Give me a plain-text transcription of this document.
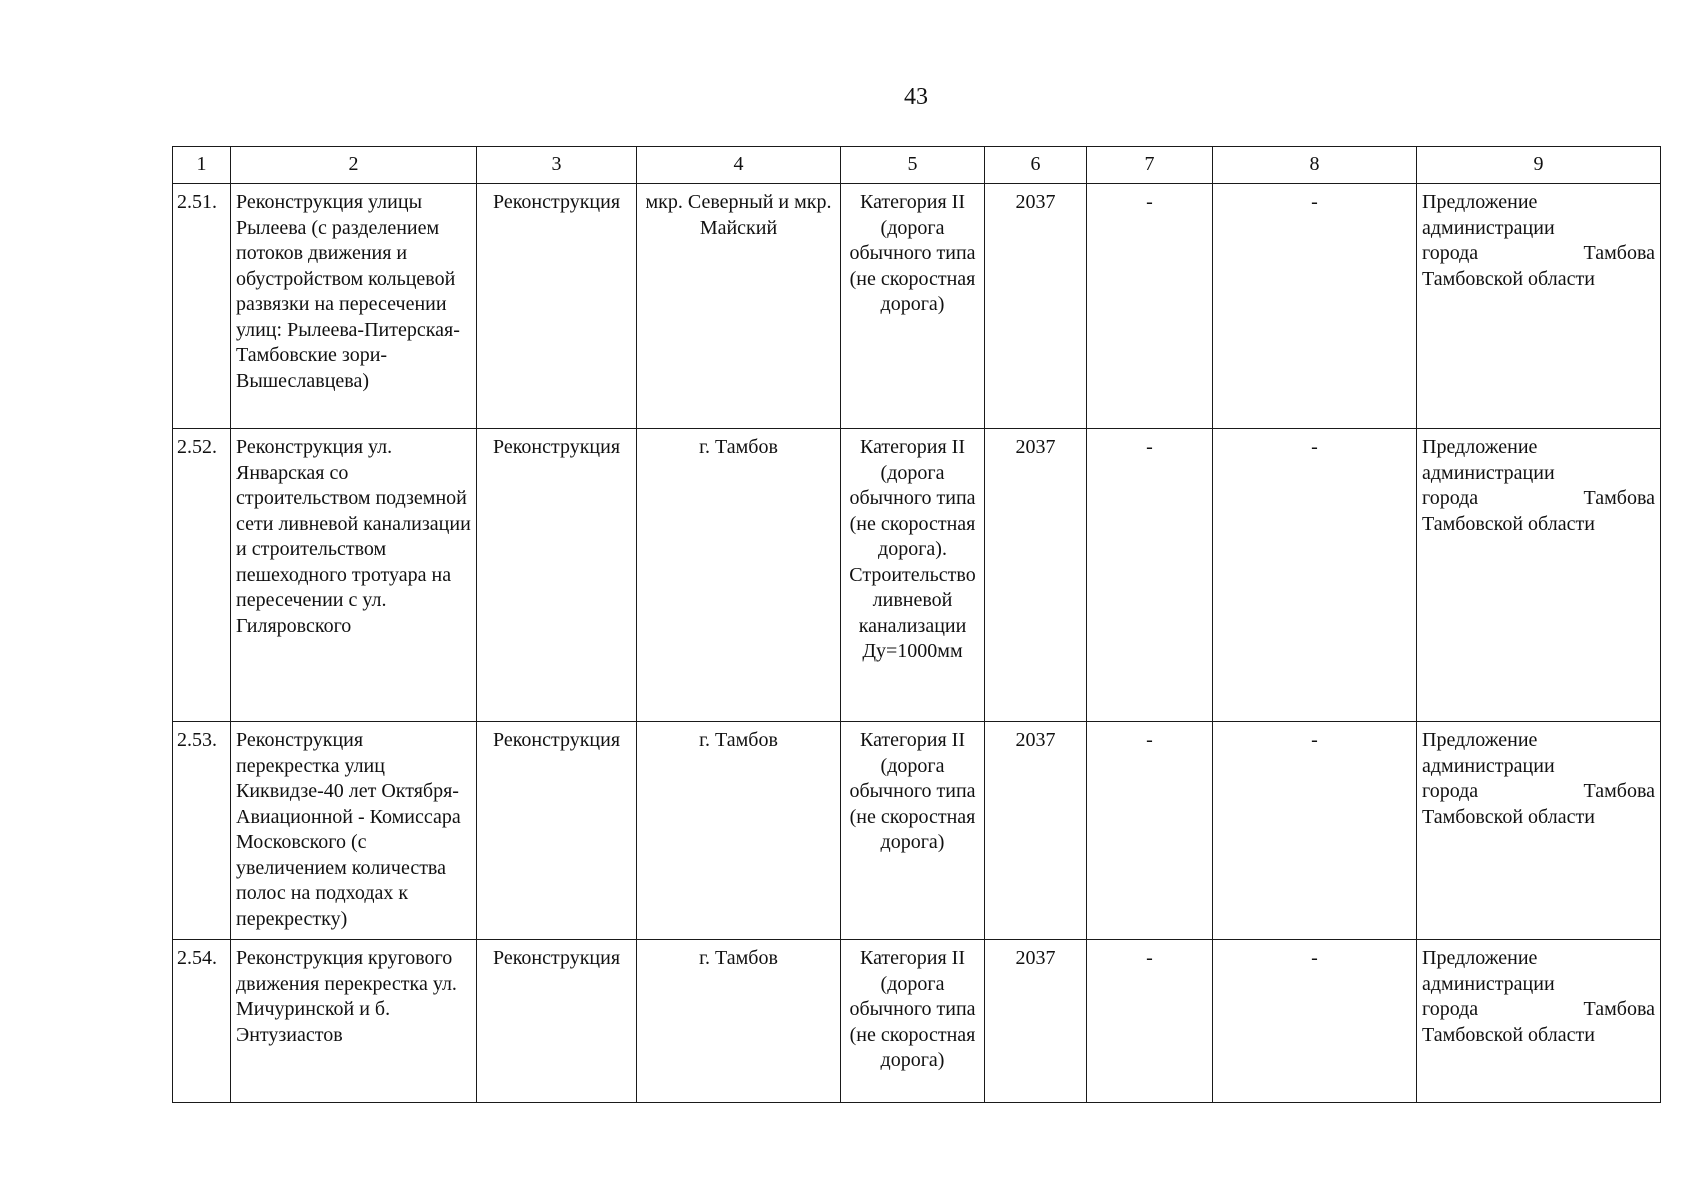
43
1	2	3	4	5	6	7	8	9
2.51.	Реконструкция улицы Рылеева (с разделением потоков движения и обустройством кольцевой развязки на пересечении улиц: Рылеева-Питерская-Тамбовские зори-Вышеславцева)	Реконструкция	мкр. Северный и мкр. Майский	Категория II (дорога обычного типа (не скоростная дорога)	2037	-	-	Предложение администрации
города Тамбова
Тамбовской области

2.52.	Реконструкция ул. Январская со строительством подземной сети ливневой канализации и строительством пешеходного тротуара на пересечении с ул. Гиляровского	Реконструкция	г. Тамбов	Категория II (дорога обычного типа (не скоростная дорога). Строительство ливневой канализации Ду=1000мм	2037	-	-	Предложение администрации
города Тамбова
Тамбовской области

2.53.	Реконструкция перекрестка улиц Киквидзе-40 лет Октября-Авиационной - Комиссара Московского (с увеличением количества полос на подходах к перекрестку)	Реконструкция	г. Тамбов	Категория II (дорога обычного типа (не скоростная дорога)	2037	-	-	Предложение администрации
города Тамбова
Тамбовской области

2.54.	Реконструкция кругового движения перекрестка ул. Мичуринской и б. Энтузиастов	Реконструкция	г. Тамбов	Категория II (дорога обычного типа (не скоростная дорога)	2037	-	-	Предложение администрации
города Тамбова
Тамбовской области
